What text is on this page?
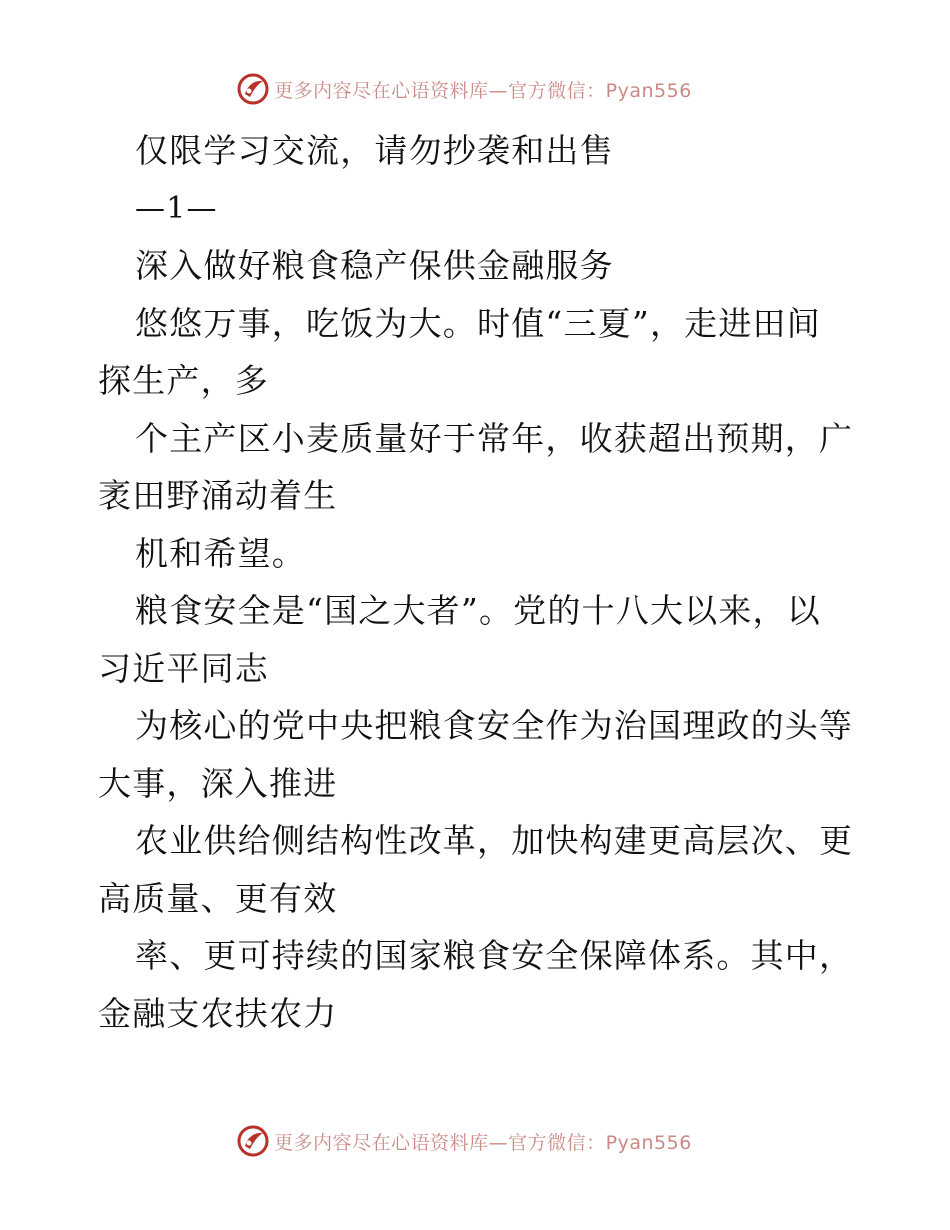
更多内容尽在心语资料库—官方微信：Pyan556
仅限学习交流，请勿抄袭和出售
—1—
深入做好粮食稳产保供金融服务
悠悠万事，吃饭为大。时值“三夏”，走进田间
探生产，多
个主产区小麦质量好于常年，收获超出预期，广
袤田野涌动着生
机和希望。
粮食安全是“国之大者”。党的十八大以来，以
习近平同志
为核心的党中央把粮食安全作为治国理政的头等
大事，深入推进
农业供给侧结构性改革，加快构建更高层次、更
高质量、更有效
率、更可持续的国家粮食安全保障体系。其中，
金融支农扶农力
更多内容尽在心语资料库—官方微信：Pyan556
